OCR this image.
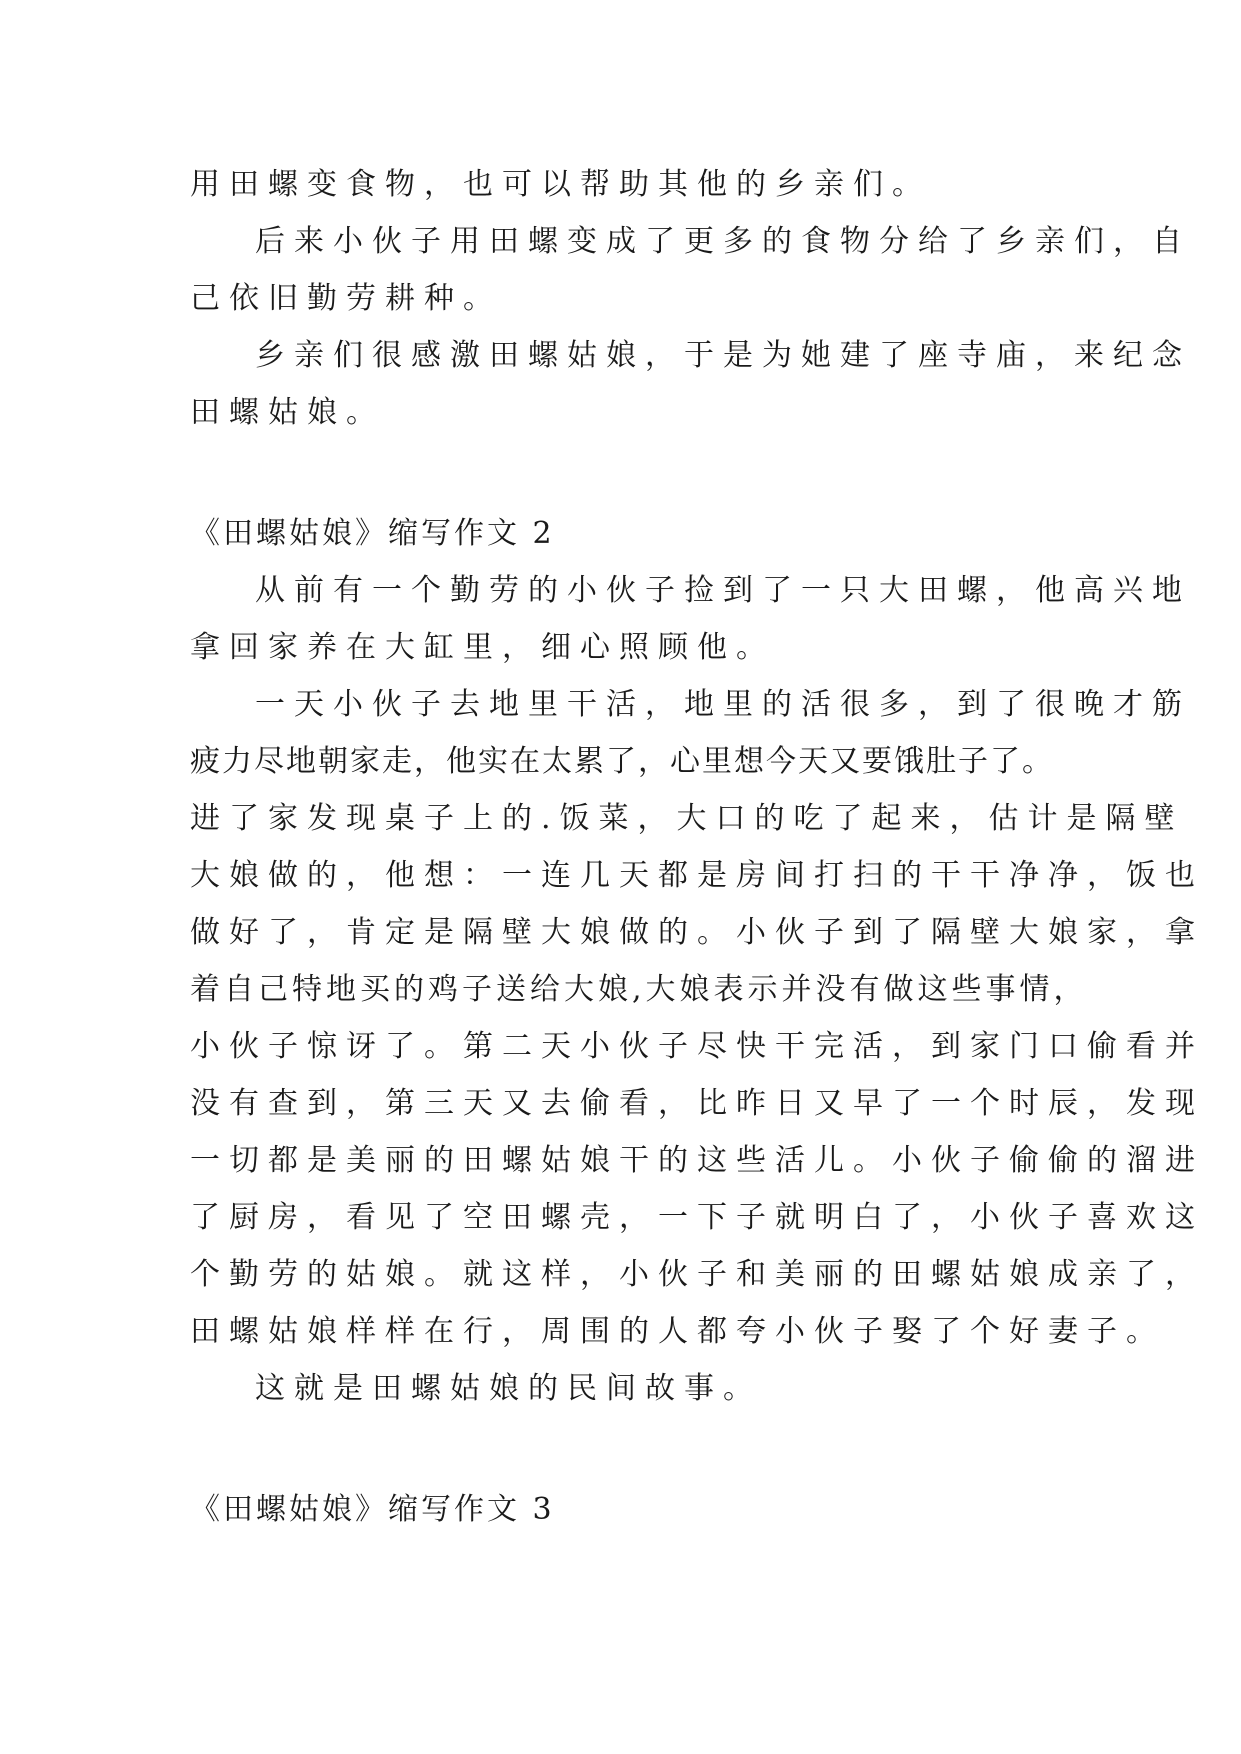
用田螺变食物，也可以帮助其他的乡亲们。
后来小伙子用田螺变成了更多的食物分给了乡亲们，自
己依旧勤劳耕种。
乡亲们很感激田螺姑娘，于是为她建了座寺庙，来纪念
田螺姑娘。
《田螺姑娘》缩写作文 2
从前有一个勤劳的小伙子捡到了一只大田螺，他高兴地
拿回家养在大缸里，细心照顾他。
一天小伙子去地里干活，地里的活很多，到了很晚才筋
疲力尽地朝家走，他实在太累了，心里想今天又要饿肚子了。
进了家发现桌子上的.饭菜，大口的吃了起来，估计是隔壁
大娘做的，他想：一连几天都是房间打扫的干干净净，饭也
做好了，肯定是隔壁大娘做的。小伙子到了隔壁大娘家，拿
着自己特地买的鸡子送给大娘,大娘表示并没有做这些事情，
小伙子惊讶了。第二天小伙子尽快干完活，到家门口偷看并
没有查到，第三天又去偷看，比昨日又早了一个时辰，发现
一切都是美丽的田螺姑娘干的这些活儿。小伙子偷偷的溜进
了厨房，看见了空田螺壳，一下子就明白了，小伙子喜欢这
个勤劳的姑娘。就这样，小伙子和美丽的田螺姑娘成亲了，
田螺姑娘样样在行，周围的人都夸小伙子娶了个好妻子。
这就是田螺姑娘的民间故事。
《田螺姑娘》缩写作文 3
